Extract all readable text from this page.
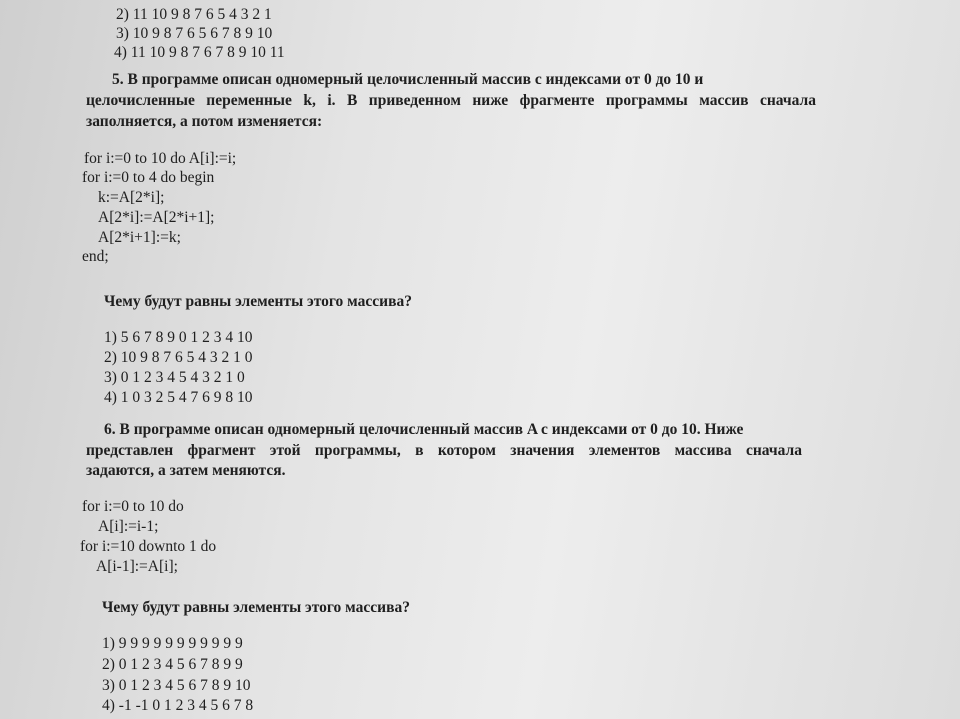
2) 11 10 9 8 7 6 5 4 3 2 1
3) 10 9 8 7 6 5 6 7 8 9 10
4) 11 10 9 8 7 6 7 8 9 10 11
5. В программе описан одномерный целочисленный массив с индексами от 0 до 10 и
целочисленные переменные k, i. В приведенном ниже фрагменте программы массив сначала
заполняется, а потом изменяется:
for i:=0 to 10 do A[i]:=i;
for i:=0 to 4 do begin
k:=A[2*i];
A[2*i]:=A[2*i+1];
A[2*i+1]:=k;
end;
Чему будут равны элементы этого массива?
1) 5 6 7 8 9 0 1 2 3 4 10
2) 10 9 8 7 6 5 4 3 2 1 0
3) 0 1 2 3 4 5 4 3 2 1 0
4) 1 0 3 2 5 4 7 6 9 8 10
6. В программе описан одномерный целочисленный массив A с индексами от 0 до 10. Ниже
представлен фрагмент этой программы, в котором значения элементов массива сначала
задаются, а затем меняются.
for i:=0 to 10 do
A[i]:=i-1;
for i:=10 downto 1 do
A[i-1]:=A[i];
Чему будут равны элементы этого массива?
1) 9 9 9 9 9 9 9 9 9 9 9
2) 0 1 2 3 4 5 6 7 8 9 9
3) 0 1 2 3 4 5 6 7 8 9 10
4) -1 -1 0 1 2 3 4 5 6 7 8
